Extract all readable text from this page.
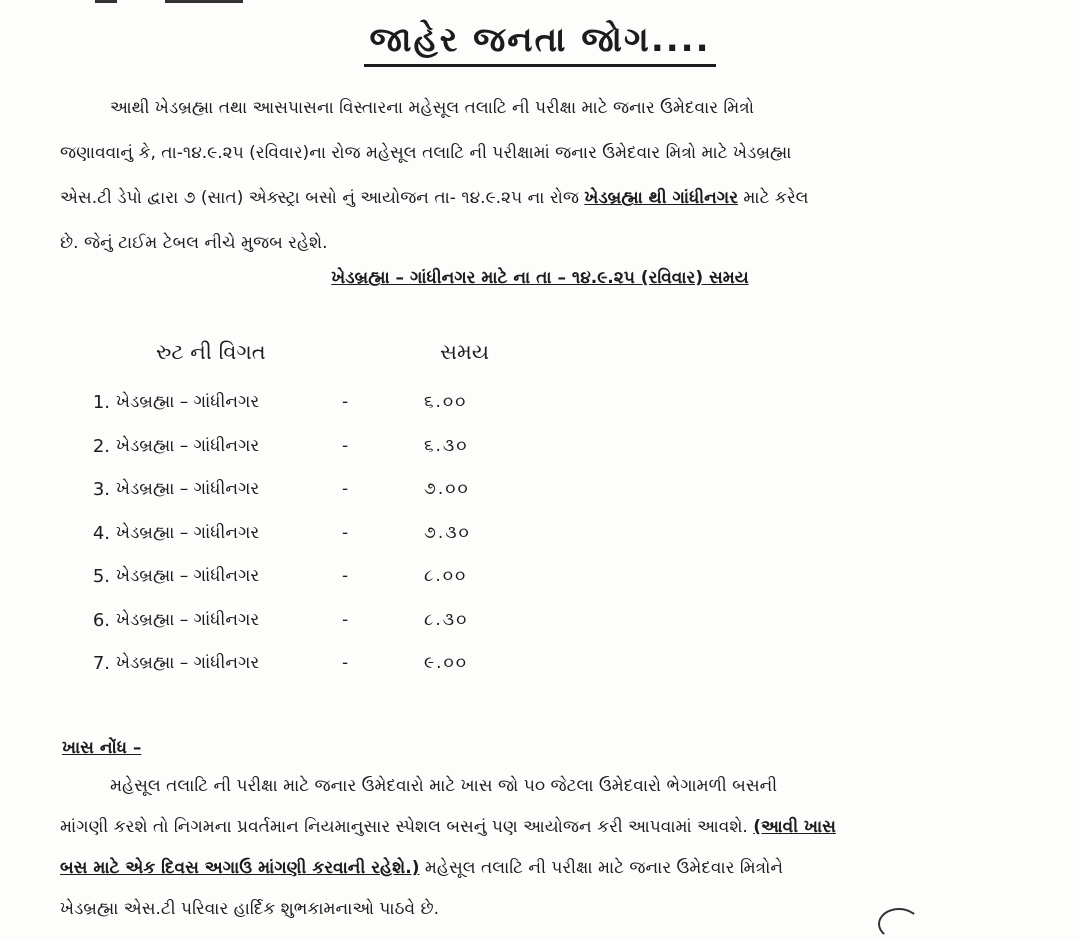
જાહેર જનતા જોગ....
આથી ખેડબ્રહ્મા તથા આસપાસના વિસ્તારના મહેસૂલ તલાટિ ની પરીક્ષા માટે જનાર ઉમેદવાર મિત્રો
જણાવવાનું કે, તા-૧૪.૯.૨૫ (રવિવાર)ના રોજ મહેસૂલ તલાટિ ની પરીક્ષામાં જનાર ઉમેદવાર મિત્રો માટે ખેડબ્રહ્મા
એસ.ટી ડેપો દ્વારા ૭ (સાત) એક્સ્ટ્રા બસો નું આયોજન તા- ૧૪.૯.૨૫ ના રોજ ખેડબ્રહ્મા થી ગાંધીનગર માટે કરેલ
છે. જેનું ટાઈમ ટેબલ નીચે મુજબ રહેશે.
ખેડબ્રહ્મા – ગાંધીનગર માટે ના તા – ૧૪.૯.૨૫ (રવિવાર) સમય
રુટ ની વિગત	સમય
1. ખેડબ્રહ્મા – ગાંધીનગર	-	૬.૦૦
2. ખેડબ્રહ્મા – ગાંધીનગર	-	૬.૩૦
3. ખેડબ્રહ્મા – ગાંધીનગર	-	૭.૦૦
4. ખેડબ્રહ્મા – ગાંધીનગર	-	૭.૩૦
5. ખેડબ્રહ્મા – ગાંધીનગર	-	૮.૦૦
6. ખેડબ્રહ્મા – ગાંધીનગર	-	૮.૩૦
7. ખેડબ્રહ્મા – ગાંધીનગર	-	૯.૦૦
ખાસ નોંધ –
મહેસૂલ તલાટિ ની પરીક્ષા માટે જનાર ઉમેદવારો માટે ખાસ જો ૫૦ જેટલા ઉમેદવારો ભેગામળી બસની
માંગણી કરશે તો નિગમના પ્રવર્તમાન નિયમાનુસાર સ્પેશલ બસનું પણ આયોજન કરી આપવામાં આવશે. (આવી ખાસ
બસ માટે એક દિવસ અગાઉ માંગણી કરવાની રહેશે.) મહેસૂલ તલાટિ ની પરીક્ષા માટે જનાર ઉમેદવાર મિત્રોને
ખેડબ્રહ્મા એસ.ટી પરિવાર હાર્દિક શુભકામનાઓ પાઠવે છે.
